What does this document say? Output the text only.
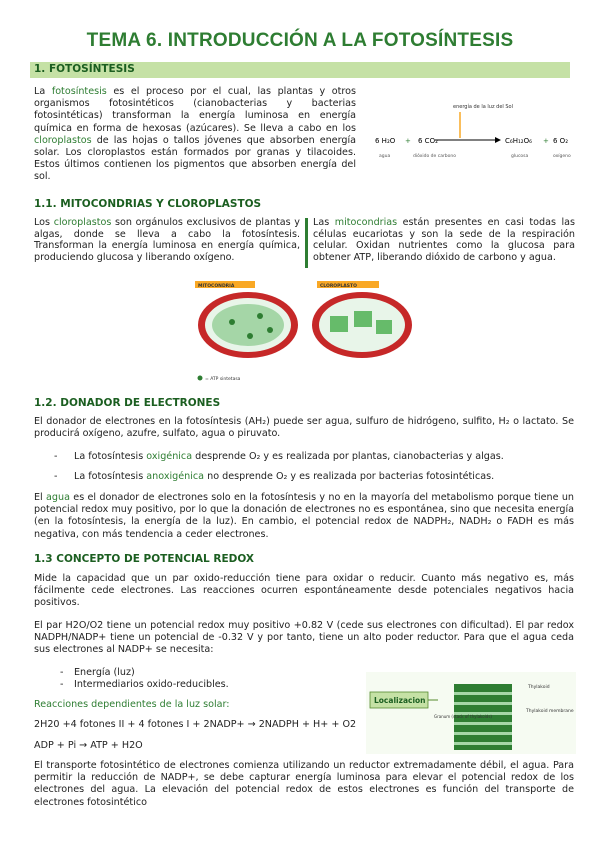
TEMA 6. INTRODUCCIÓN A LA FOTOSÍNTESIS
1. FOTOSÍNTESIS
La fotosíntesis es el proceso por el cual, las plantas y otros organismos fotosintéticos (cianobacterias y bacterias fotosintéticas) transforman la energía luminosa en energía química en forma de hexosas (azúcares). Se lleva a cabo en los cloroplastos de las hojas o tallos jóvenes que absorben energía solar. Los cloroplastos están formados por granas y tilacoides. Estos últimos contienen los pigmentos que absorben energía del sol.
energía de la luz del Sol
6 H₂O + 6 CO₂	C₆H₁₂O₆ + 6 O₂
agua	dióxido de carbono	glucosa	oxígeno
1.1. MITOCONDRIAS Y CLOROPLASTOS
Los cloroplastos son orgánulos exclusivos de plantas y algas, donde se lleva a cabo la fotosíntesis. Transforman la energía luminosa en energía química, produciendo glucosa y liberando oxígeno.
Las mitocondrias están presentes en casi todas las células eucariotas y son la sede de la respiración celular. Oxidan nutrientes como la glucosa para obtener ATP, liberando dióxido de carbono y agua.
MITOCONDRIA	CLOROPLASTO
= ATP sintetasa
1.2. DONADOR DE ELECTRONES
El donador de electrones en la fotosíntesis (AH₂) puede ser agua, sulfuro de hidrógeno, sulfito, H₂ o lactato. Se producirá oxígeno, azufre, sulfato, agua o piruvato.
- La fotosíntesis oxigénica desprende O₂ y es realizada por plantas, cianobacterias y algas.
- La fotosíntesis anoxigénica no desprende O₂ y es realizada por bacterias fotosintéticas.
El agua es el donador de electrones solo en la fotosíntesis y no en la mayoría del metabolismo porque tiene un potencial redox muy positivo, por lo que la donación de electrones no es espontánea, sino que necesita energía (en la fotosíntesis, la energía de la luz). En cambio, el potencial redox de NADPH₂, NADH₂ o FADH es más negativa, con más tendencia a ceder electrones.
1.3 CONCEPTO DE POTENCIAL REDOX
Mide la capacidad que un par oxido-reducción tiene para oxidar o reducir. Cuanto más negativo es, más fácilmente cede electrones. Las reacciones ocurren espontáneamente desde potenciales negativos hacia positivos.
El par H2O/O2 tiene un potencial redox muy positivo +0.82 V (cede sus electrones con dificultad). El par redox NADPH/NADP+ tiene un potencial de -0.32 V y por tanto, tiene un alto poder reductor. Para que el agua ceda sus electrones al NADP+ se necesita:
- Energía (luz)
- Intermediarios oxido-reducibles.
Reacciones dependientes de la luz solar:
2H20 +4 fotones II + 4 fotones I + 2NADP+ → 2NADPH + H+ + O2
ADP + Pi → ATP + H2O
El transporte fotosintético de electrones comienza utilizando un reductor extremadamente débil, el agua. Para permitir la reducción de NADP+, se debe capturar energía luminosa para elevar el potencial redox de los electrones del agua. La elevación del potencial redox de estos electrones es función del transporte de electrones fotosintético
Localizacion
Granum (stack of thylakoids)
Thylakoid
Thylakoid membrane
